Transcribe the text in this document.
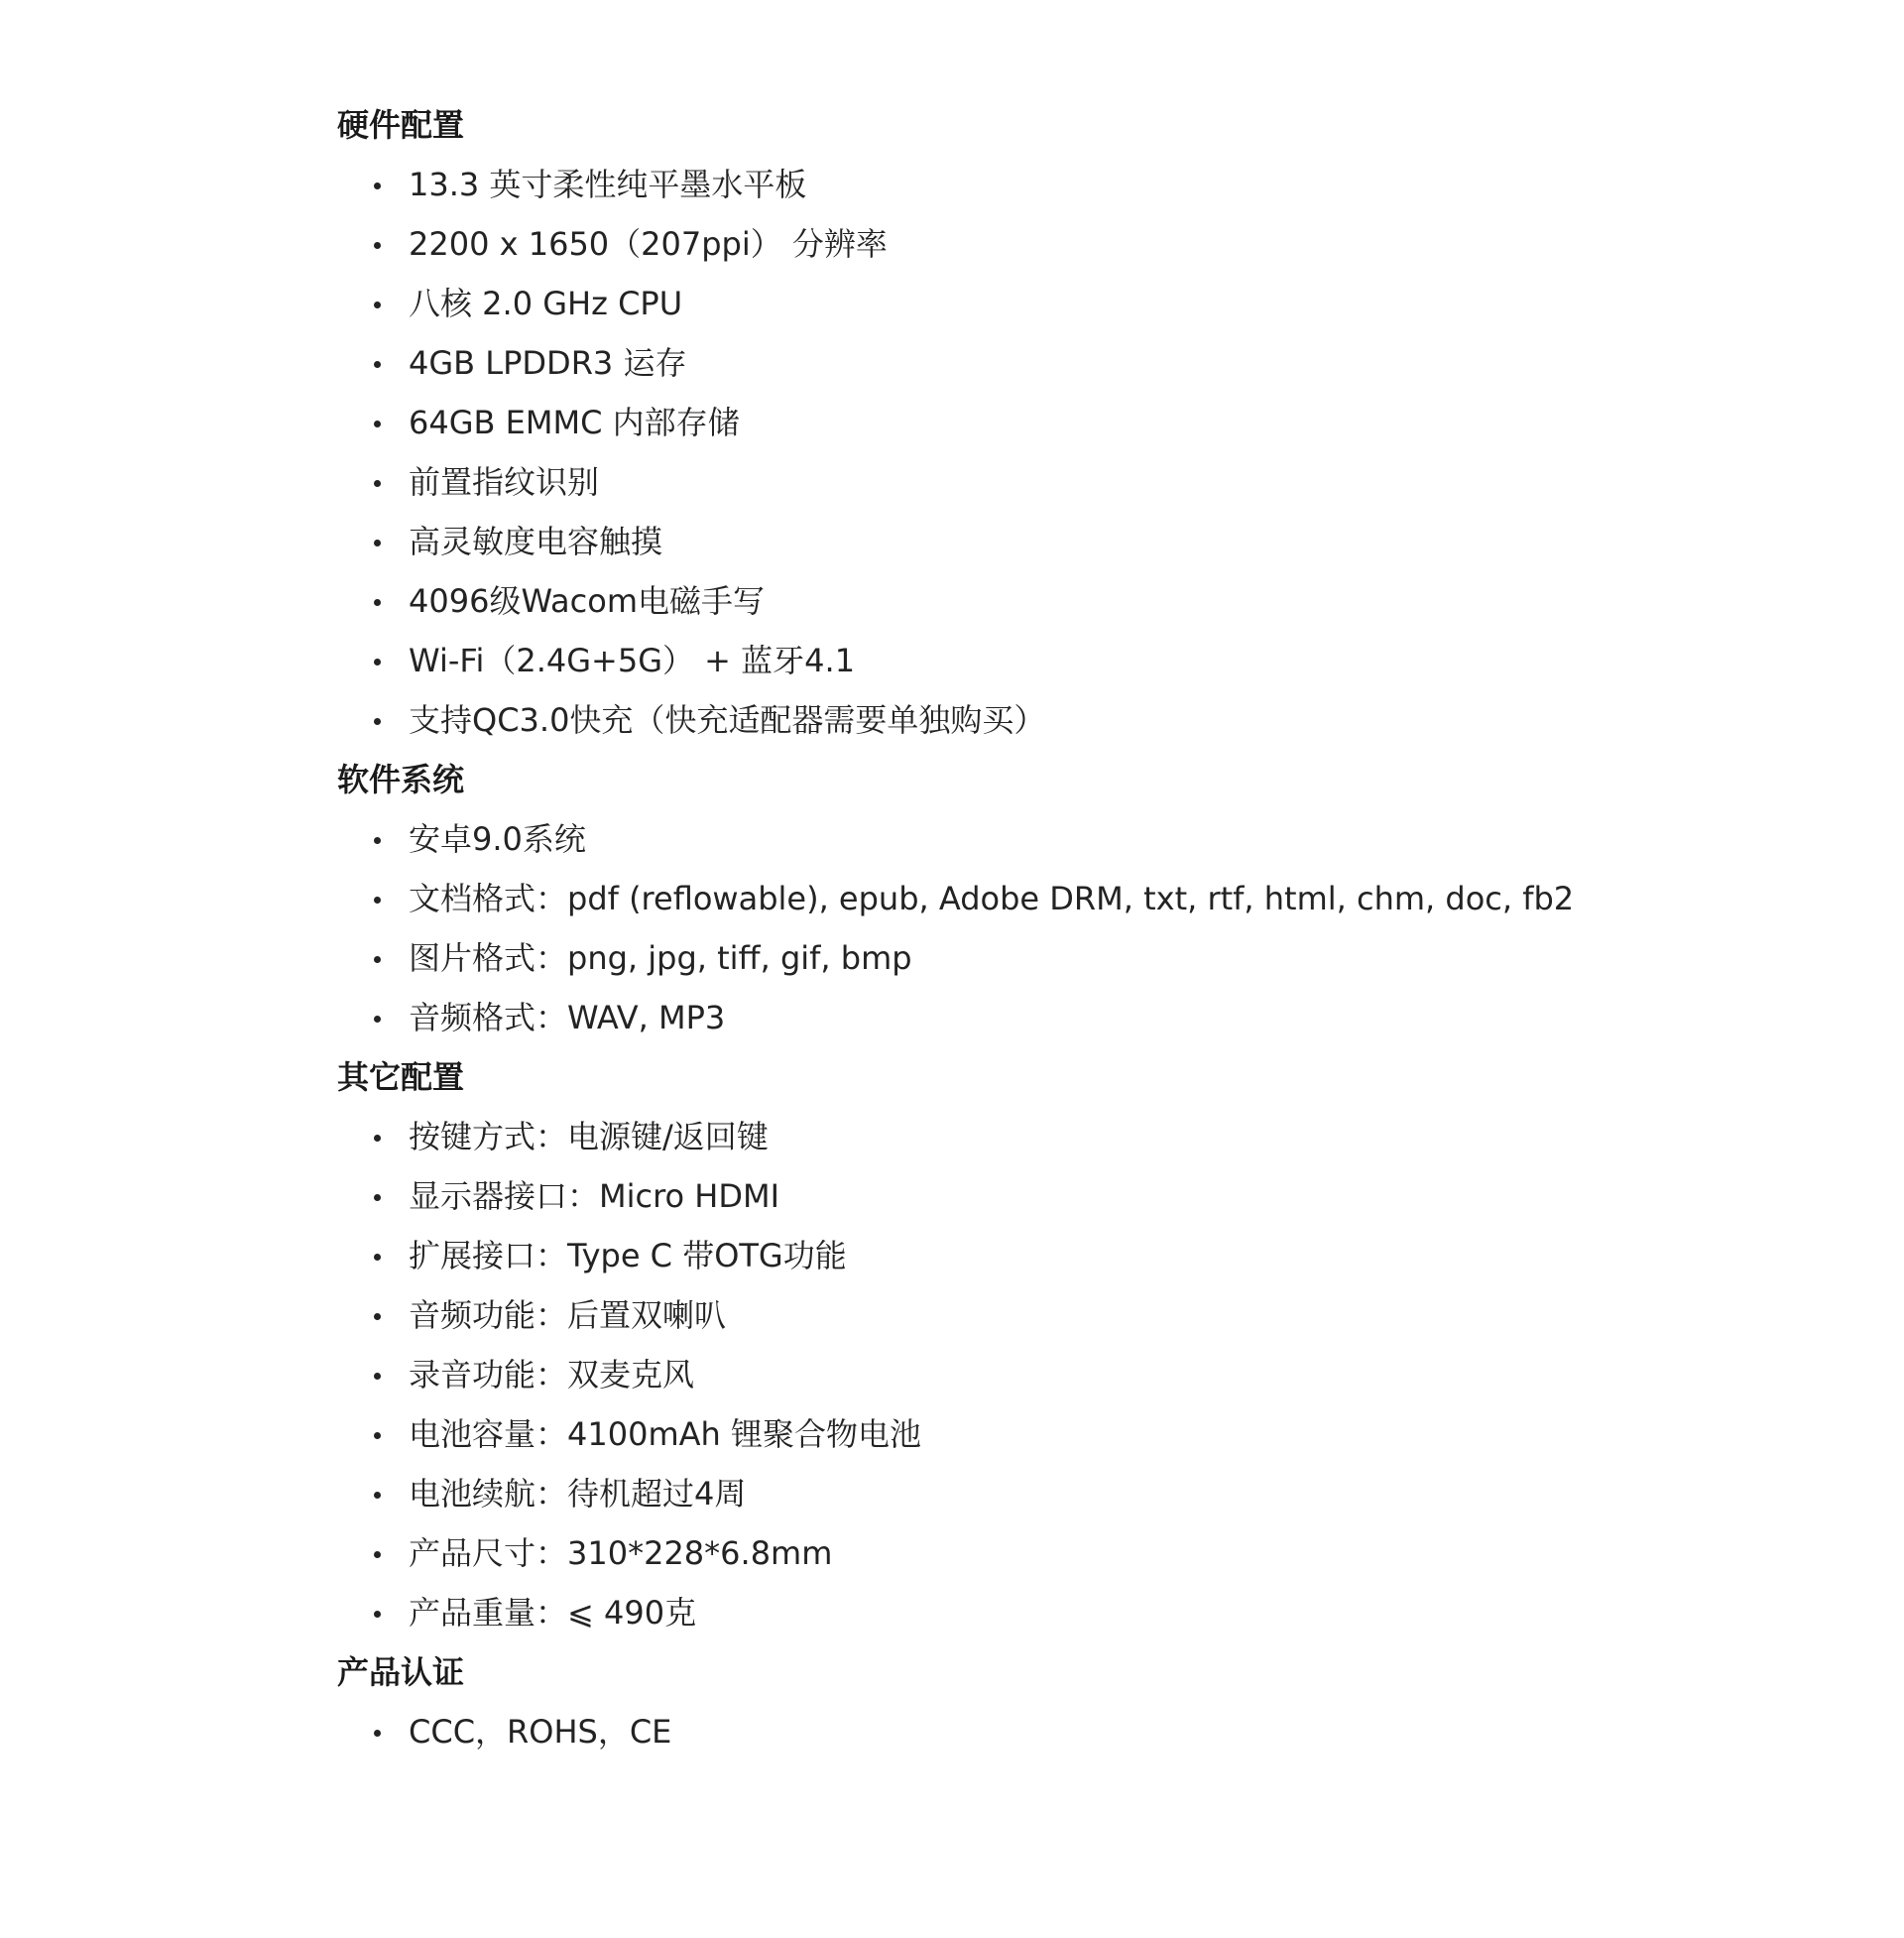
硬件配置
13.3 英寸柔性纯平墨水平板
2200 x 1650（207ppi） 分辨率
八核 2.0 GHz CPU
4GB LPDDR3 运存
64GB EMMC 内部存储
前置指纹识别
高灵敏度电容触摸
4096级Wacom电磁手写
Wi-Fi（2.4G+5G） + 蓝牙4.1
支持QC3.0快充（快充适配器需要单独购买）
软件系统
安卓9.0系统
文档格式：pdf (reflowable), epub, Adobe DRM, txt, rtf, html, chm, doc, fb2
图片格式：png, jpg, tiff, gif, bmp
音频格式：WAV, MP3
其它配置
按键方式：电源键/返回键
显示器接口：Micro HDMI
扩展接口：Type C 带OTG功能
音频功能：后置双喇叭
录音功能：双麦克风
电池容量：4100mAh 锂聚合物电池
电池续航：待机超过4周
产品尺寸：310*228*6.8mm
产品重量：⩽ 490克
产品认证
CCC，ROHS，CE
